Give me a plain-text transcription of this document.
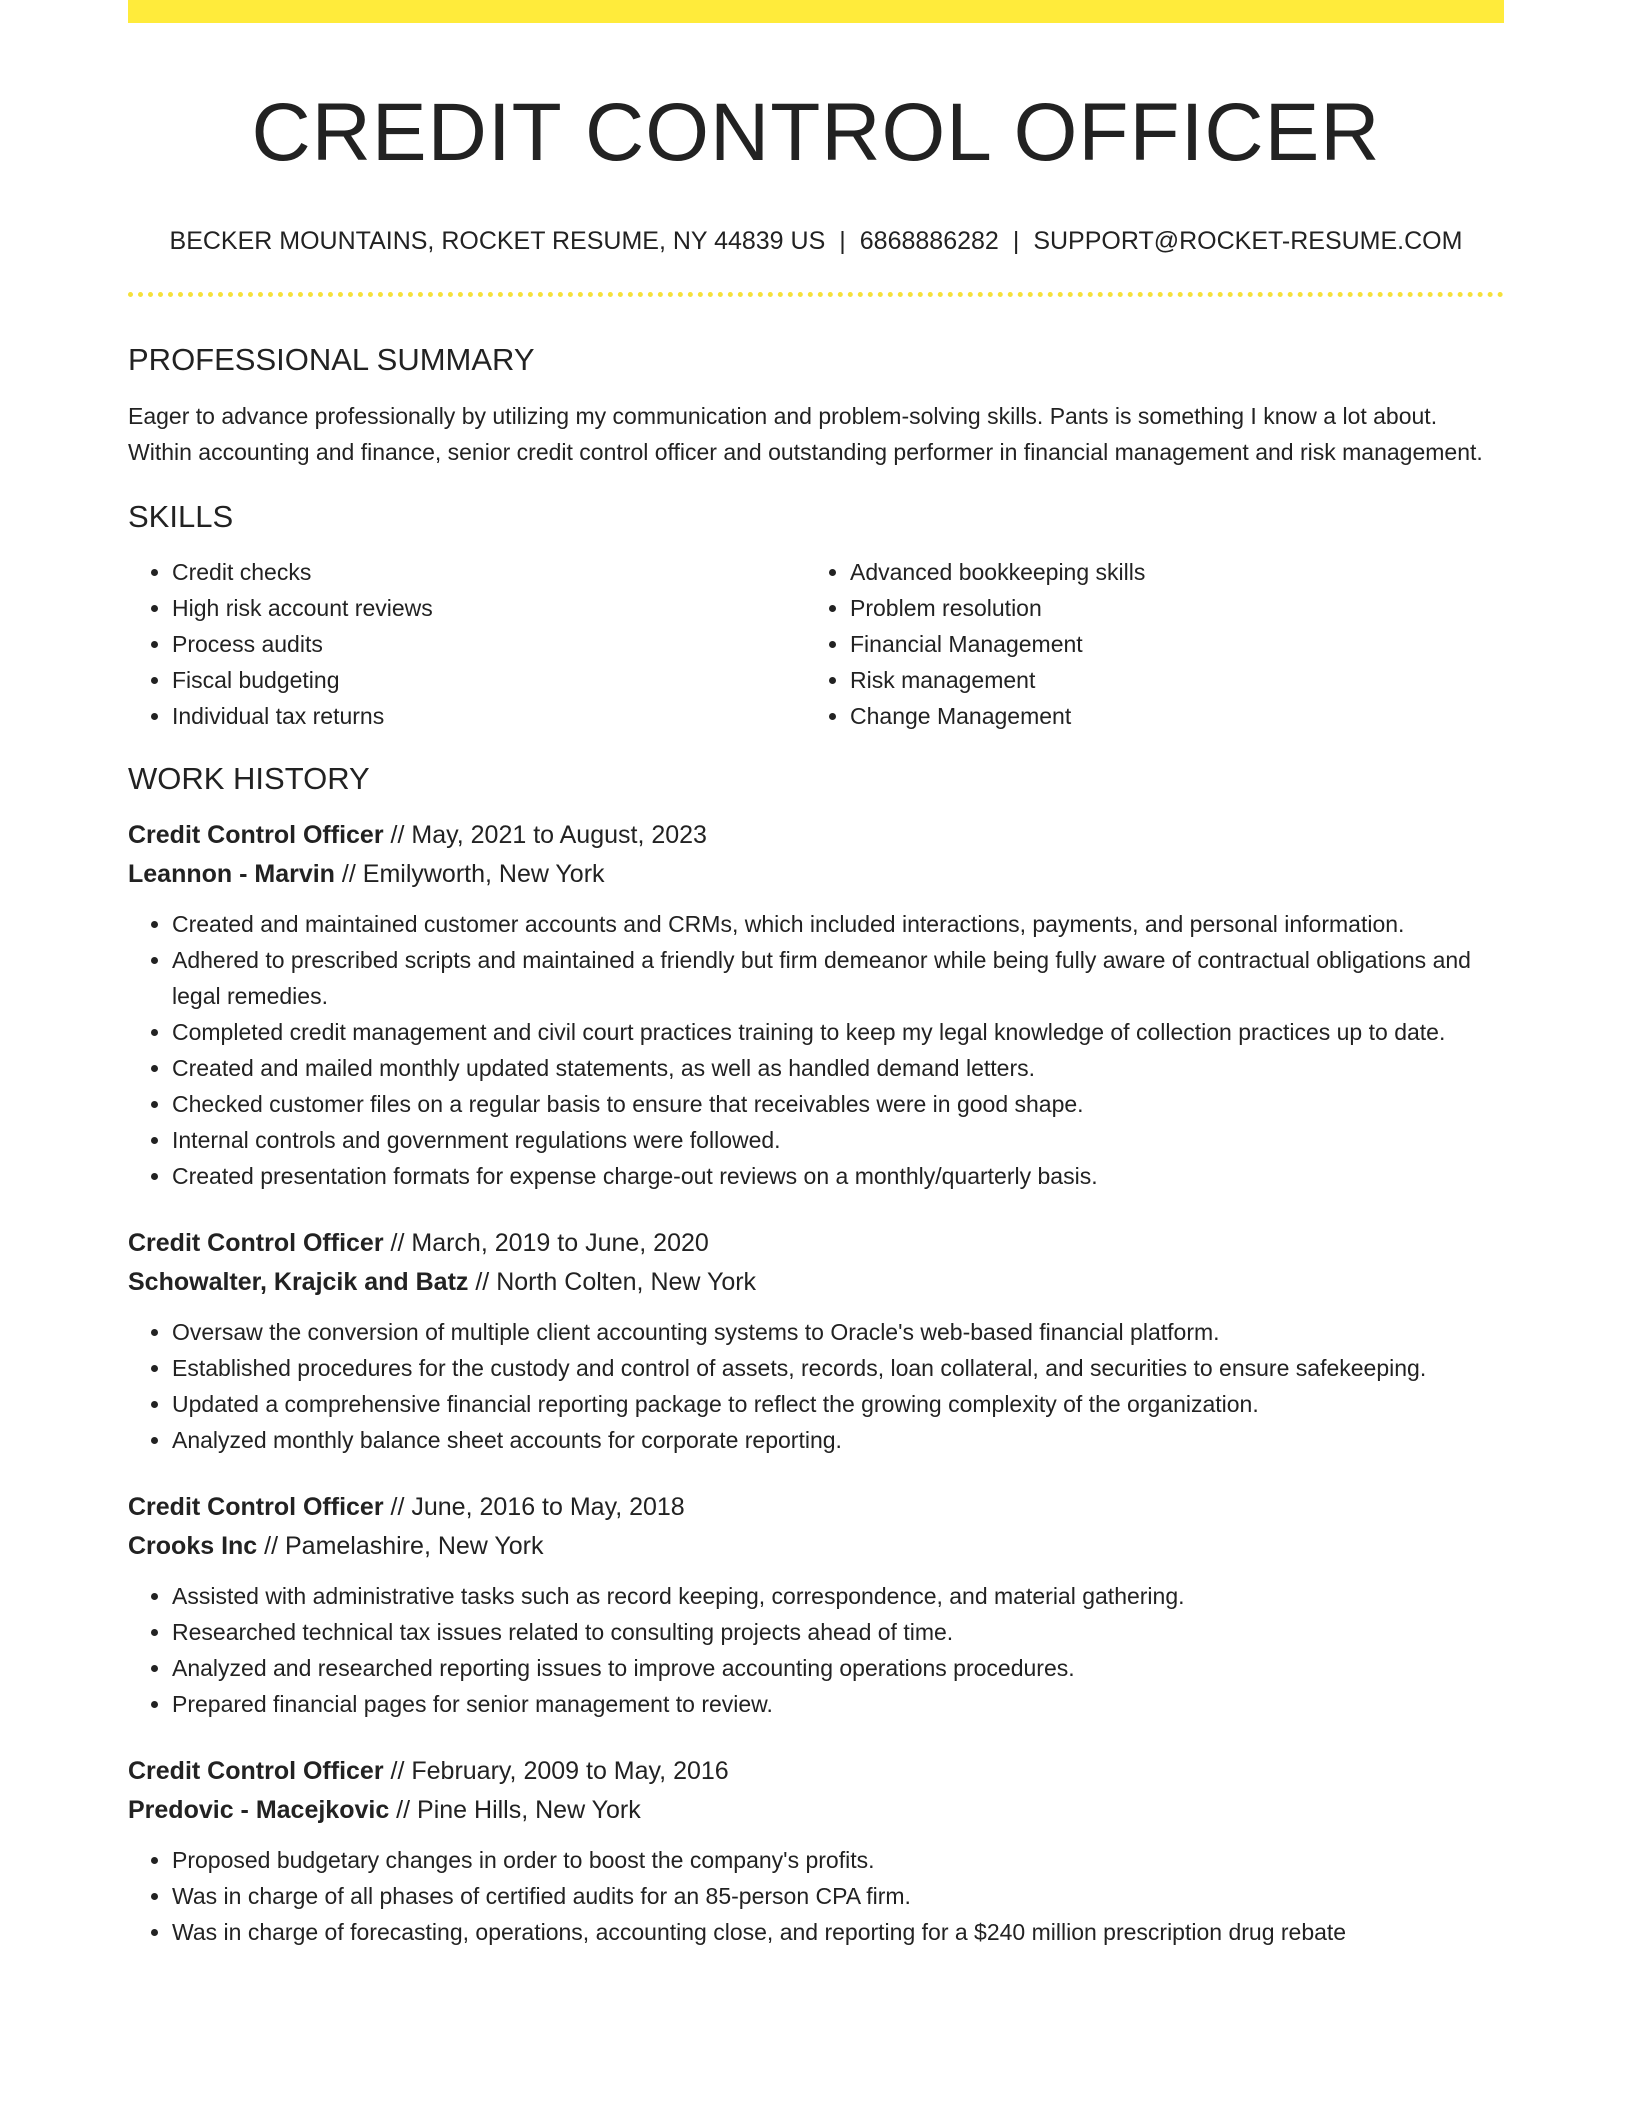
CREDIT CONTROL OFFICER
BECKER MOUNTAINS, ROCKET RESUME, NY 44839 US | 6868886282 | SUPPORT@ROCKET-RESUME.COM
PROFESSIONAL SUMMARY
Eager to advance professionally by utilizing my communication and problem-solving skills. Pants is something I know a lot about. Within accounting and finance, senior credit control officer and outstanding performer in financial management and risk management.
SKILLS
• Credit checks
• High risk account reviews
• Process audits
• Fiscal budgeting
• Individual tax returns
• Advanced bookkeeping skills
• Problem resolution
• Financial Management
• Risk management
• Change Management
WORK HISTORY
Credit Control Officer // May, 2021 to August, 2023
Leannon - Marvin // Emilyworth, New York
• Created and maintained customer accounts and CRMs, which included interactions, payments, and personal information.
• Adhered to prescribed scripts and maintained a friendly but firm demeanor while being fully aware of contractual obligations and legal remedies.
• Completed credit management and civil court practices training to keep my legal knowledge of collection practices up to date.
• Created and mailed monthly updated statements, as well as handled demand letters.
• Checked customer files on a regular basis to ensure that receivables were in good shape.
• Internal controls and government regulations were followed.
• Created presentation formats for expense charge-out reviews on a monthly/quarterly basis.
Credit Control Officer // March, 2019 to June, 2020
Schowalter, Krajcik and Batz // North Colten, New York
• Oversaw the conversion of multiple client accounting systems to Oracle's web-based financial platform.
• Established procedures for the custody and control of assets, records, loan collateral, and securities to ensure safekeeping.
• Updated a comprehensive financial reporting package to reflect the growing complexity of the organization.
• Analyzed monthly balance sheet accounts for corporate reporting.
Credit Control Officer // June, 2016 to May, 2018
Crooks Inc // Pamelashire, New York
• Assisted with administrative tasks such as record keeping, correspondence, and material gathering.
• Researched technical tax issues related to consulting projects ahead of time.
• Analyzed and researched reporting issues to improve accounting operations procedures.
• Prepared financial pages for senior management to review.
Credit Control Officer // February, 2009 to May, 2016
Predovic - Macejkovic // Pine Hills, New York
• Proposed budgetary changes in order to boost the company's profits.
• Was in charge of all phases of certified audits for an 85-person CPA firm.
• Was in charge of forecasting, operations, accounting close, and reporting for a $240 million prescription drug rebate
